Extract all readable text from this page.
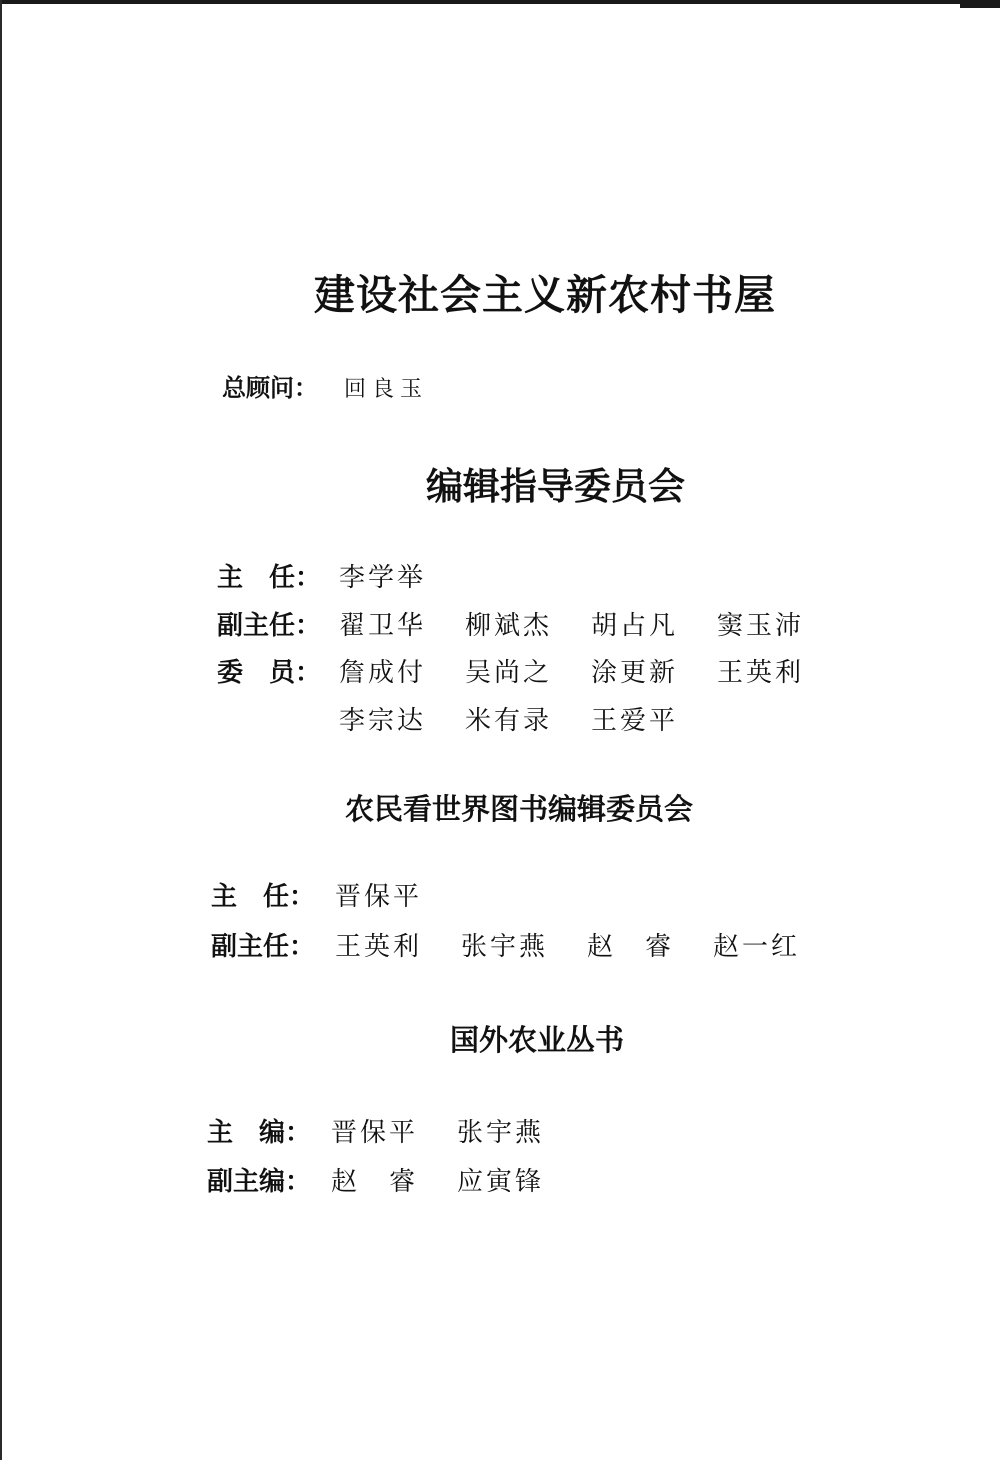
建设社会主义新农村书屋
总顾问：	回良玉
编辑指导委员会
主　任： 李学举
副主任： 翟卫华	柳斌杰	胡占凡	窦玉沛
委　员： 詹成付	吴尚之	涂更新	王英利
李宗达	米有录	王爱平
农民看世界图书编辑委员会
主　任： 晋保平
副主任： 王英利	张宇燕	赵　睿	赵一红
国外农业丛书
主　编： 晋保平	张宇燕
副主编： 赵　睿	应寅锋
